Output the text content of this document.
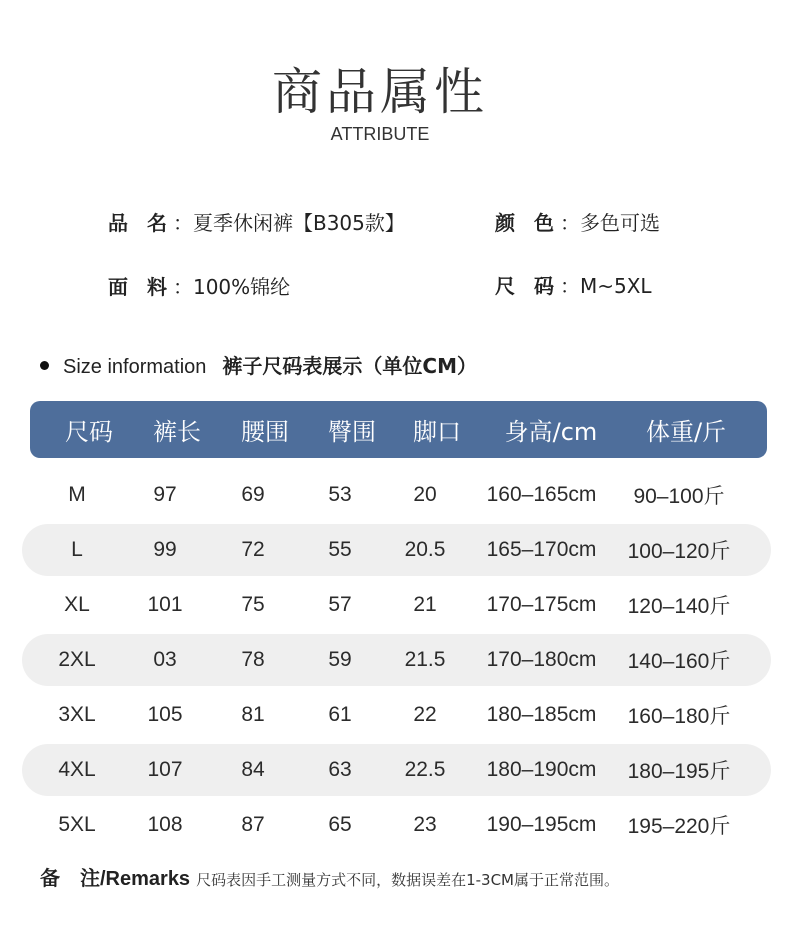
商品属性
ATTRIBUTE
品 名：夏季休闲裤【B305款】	颜 色：多色可选
面 料：100%锦纶	尺 码：M~5XL
Size information 裤子尺码表展示（单位CM）
尺码	裤长	腰围	臀围	脚口	身高/cm	体重/斤
M	97	69	53	20	160–165cm	90–100斤
L	99	72	55	20.5	165–170cm	100–120斤
XL	101	75	57	21	170–175cm	120–140斤
2XL	03	78	59	21.5	170–180cm	140–160斤
3XL	105	81	61	22	180–185cm	160–180斤
4XL	107	84	63	22.5	180–190cm	180–195斤
5XL	108	87	65	23	190–195cm	195–220斤
备　注/Remarks 尺码表因手工测量方式不同，数据误差在1-3CM属于正常范围。
